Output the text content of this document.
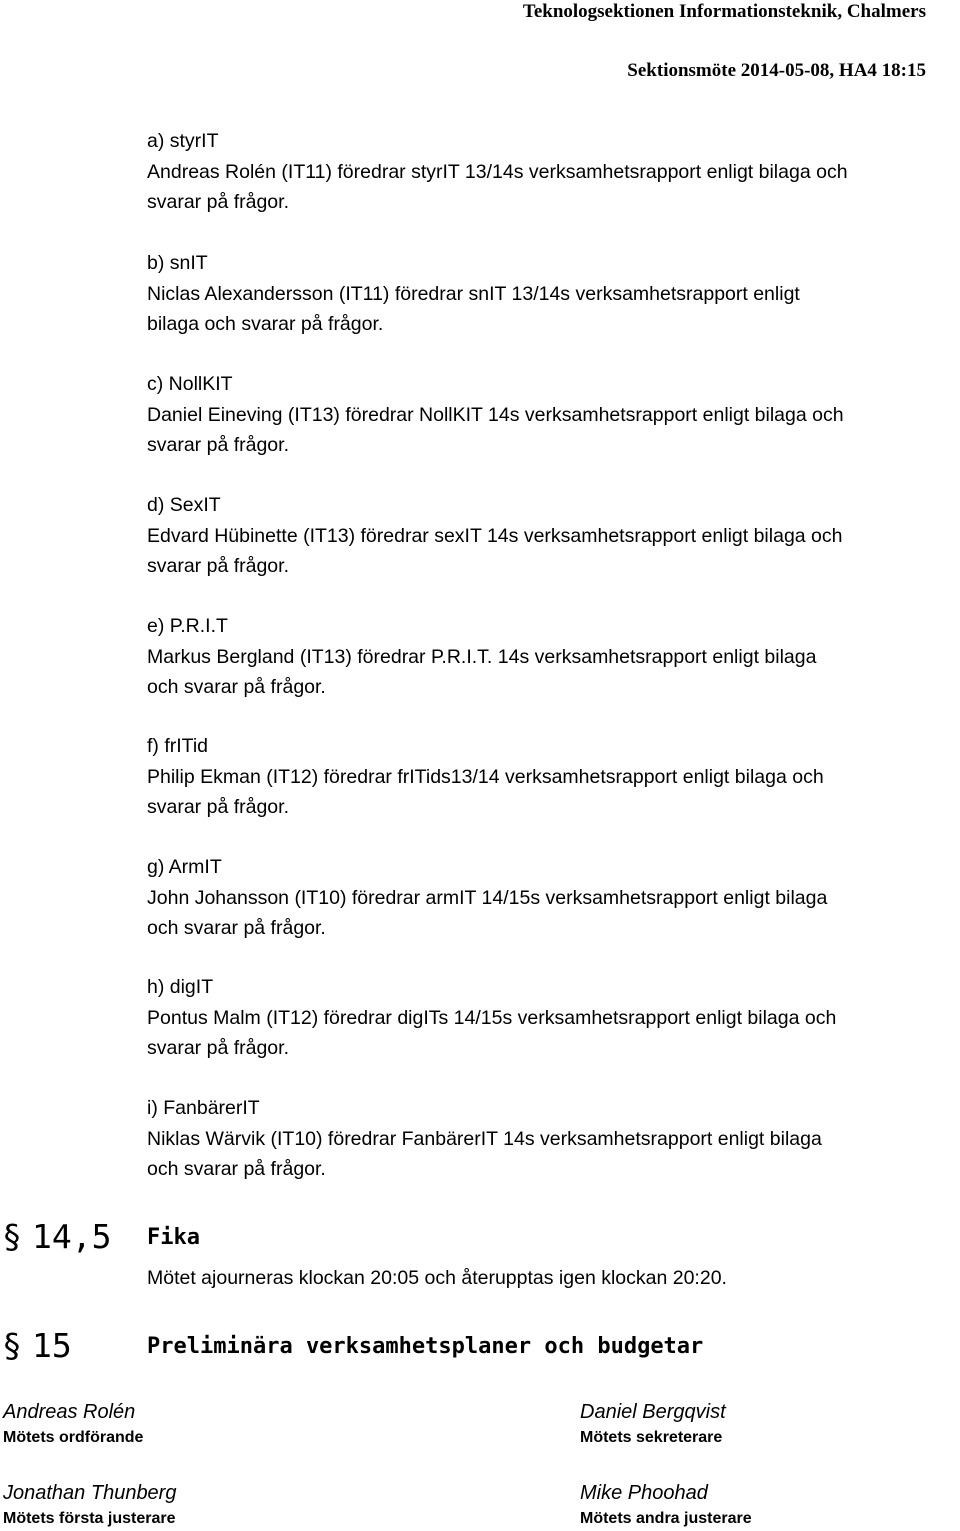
Teknologsektionen Informationsteknik, Chalmers
Sektionsmöte 2014-05-08, HA4 18:15
a) styrIT
Andreas Rolén (IT11) föredrar styrIT 13/14s verksamhetsrapport enligt bilaga och
svarar på frågor.
b) snIT
Niclas Alexandersson (IT11) föredrar snIT 13/14s verksamhetsrapport enligt
bilaga och svarar på frågor.
c) NollKIT
Daniel Eineving (IT13) föredrar NollKIT 14s verksamhetsrapport enligt bilaga och
svarar på frågor.
d) SexIT
Edvard Hübinette (IT13) föredrar sexIT 14s verksamhetsrapport enligt bilaga och
svarar på frågor.
e) P.R.I.T
Markus Bergland (IT13) föredrar P.R.I.T. 14s verksamhetsrapport enligt bilaga
och svarar på frågor.
f) frITid
Philip Ekman (IT12) föredrar frITids13/14 verksamhetsrapport enligt bilaga och
svarar på frågor.
g) ArmIT
John Johansson (IT10) föredrar armIT 14/15s verksamhetsrapport enligt bilaga
och svarar på frågor.
h) digIT
Pontus Malm (IT12) föredrar digITs 14/15s verksamhetsrapport enligt bilaga och
svarar på frågor.
i) FanbärerIT
Niklas Wärvik (IT10) föredrar FanbärerIT 14s verksamhetsrapport enligt bilaga
och svarar på frågor.
§ 14,5 Fika
Mötet ajourneras klockan 20:05 och återupptas igen klockan 20:20.
§ 15	Preliminära verksamhetsplaner och budgetar
Andreas Rolén
Mötets ordförande
Daniel Bergqvist
Mötets sekreterare
Jonathan Thunberg
Mötets första justerare
Mike Phoohad
Mötets andra justerare
